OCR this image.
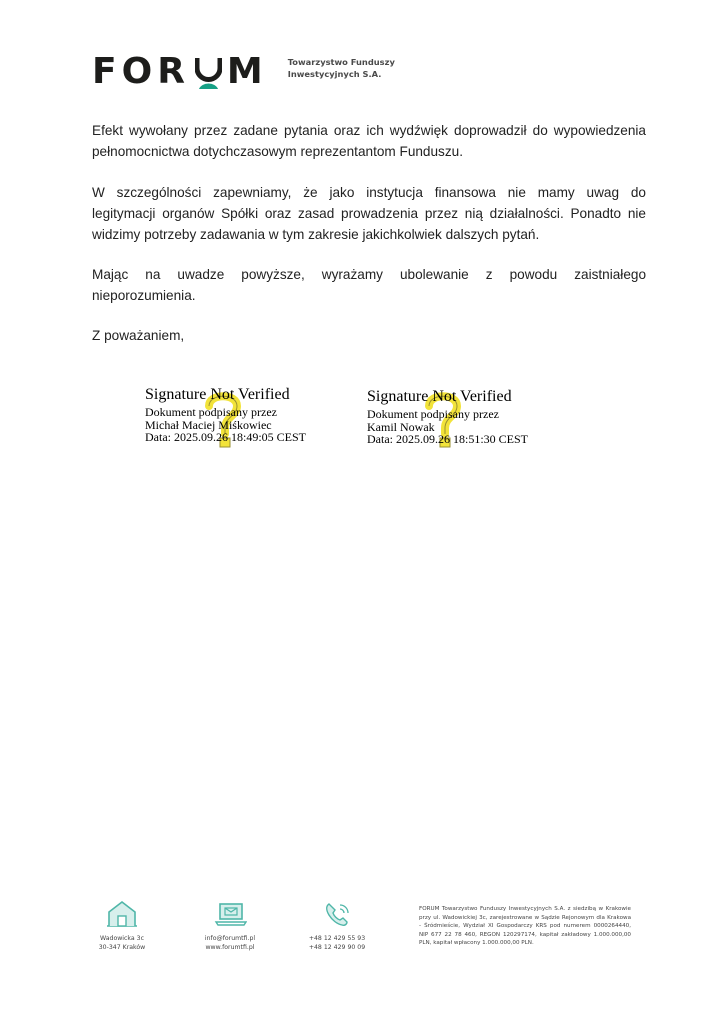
FOR M Towarzystwo Funduszy
Inwestycyjnych S.A.
Efekt wywołany przez zadane pytania oraz ich wydźwięk doprowadził do wypowiedzenia
pełnomocnictwa dotychczasowym reprezentantom Funduszu.
W szczególności zapewniamy, że jako instytucja finansowa nie mamy uwag do
legitymacji organów Spółki oraz zasad prowadzenia przez nią działalności. Ponadto nie
widzimy potrzeby zadawania w tym zakresie jakichkolwiek dalszych pytań.
Mając na uwadze powyższe, wyrażamy ubolewanie z powodu zaistniałego
nieporozumienia.
Z poważaniem,
Signature Not Verified
Dokument podpisany przez
Michał Maciej Miśkowiec
Data: 2025.09.26 18:49:05 CEST
Signature Not Verified
Dokument podpisany przez
Kamil Nowak
Data: 2025.09.26 18:51:30 CEST
Wadowicka 3c
30-347 Kraków
info@forumtfi.pl
www.forumtfi.pl
+48 12 429 55 93
+48 12 429 90 09
FORUM Towarzystwo Funduszy Inwestycyjnych S.A. z siedzibą w Krakowie przy ul. Wadowickiej 3c, zarejestrowane w Sądzie Rejonowym dla Krakowa - Śródmieście, Wydział XI Gospodarczy KRS pod numerem 0000264440, NIP 677 22 78 460, REGON 120297174, kapitał zakładowy 1.000.000,00 PLN, kapitał wpłacony 1.000.000,00 PLN.
